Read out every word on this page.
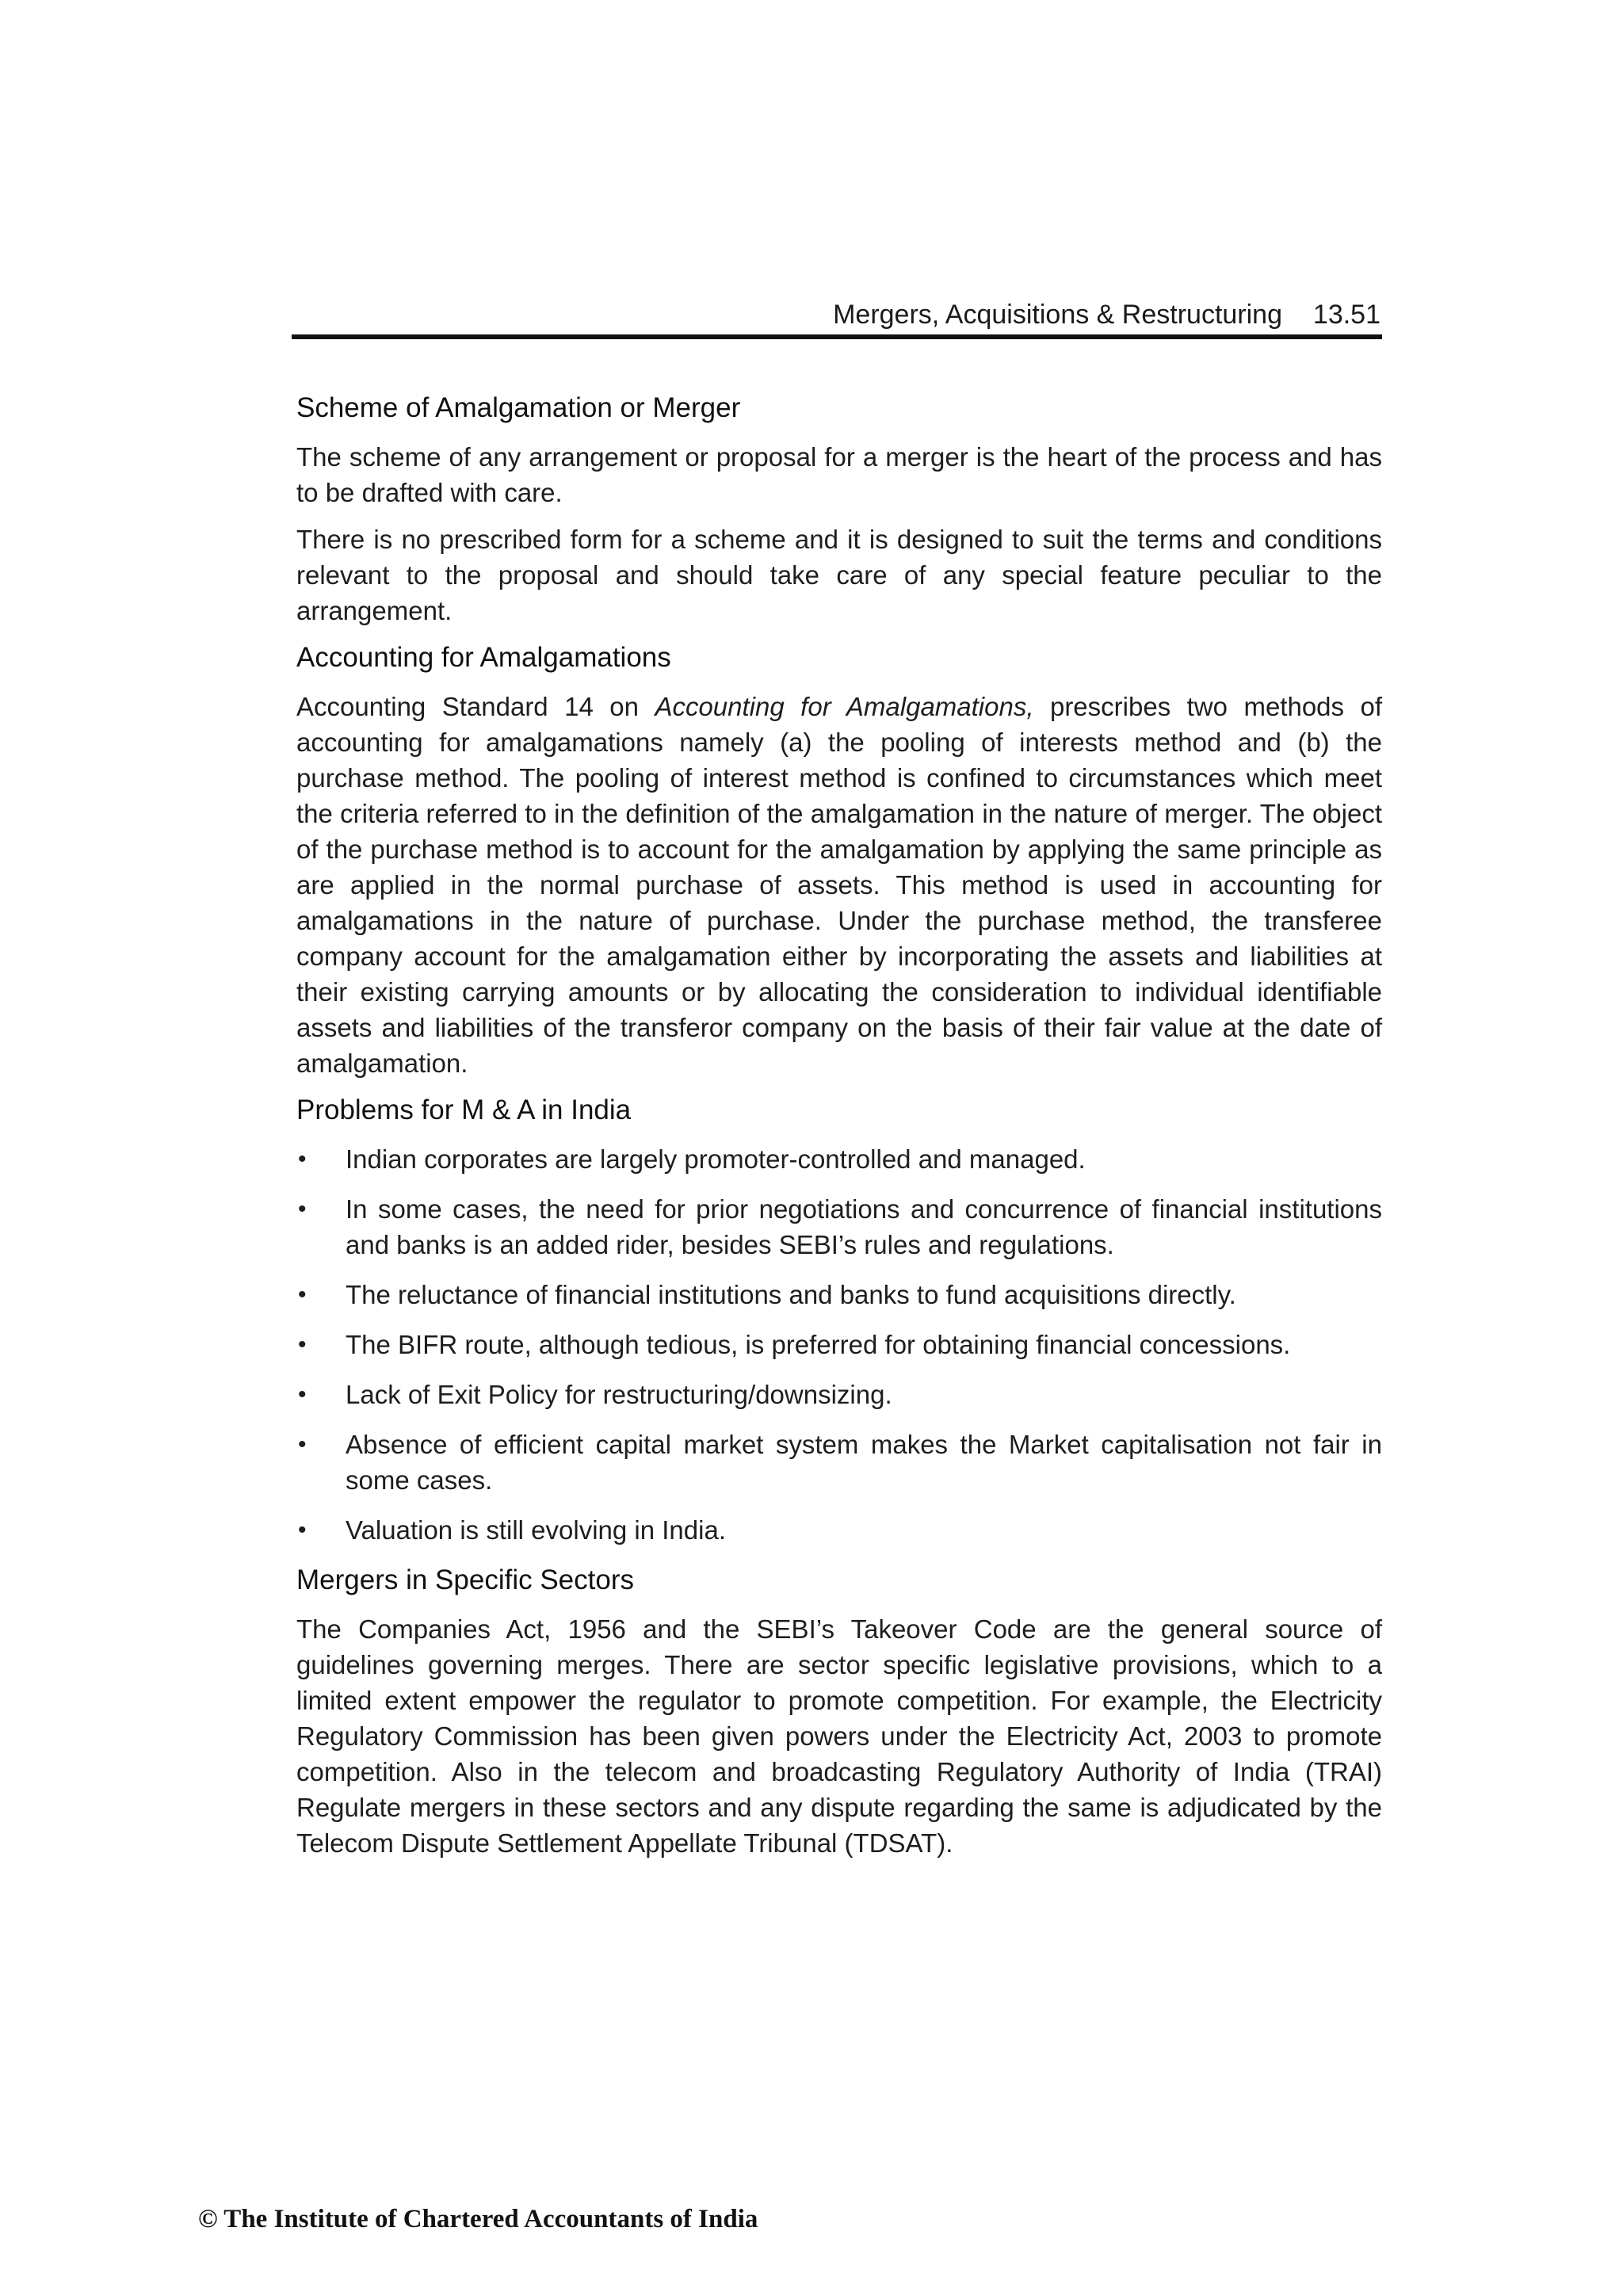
Mergers, Acquisitions & Restructuring 13.51
Scheme of Amalgamation or Merger

The scheme of any arrangement or proposal for a merger is the heart of the process and has to be drafted with care.

There is no prescribed form for a scheme and it is designed to suit the terms and conditions relevant to the proposal and should take care of any special feature peculiar to the arrangement.

Accounting for Amalgamations

Accounting Standard 14 on Accounting for Amalgamations, prescribes two methods of accounting for amalgamations namely (a) the pooling of interests method and (b) the purchase method. The pooling of interest method is confined to circumstances which meet the criteria referred to in the definition of the amalgamation in the nature of merger. The object of the purchase method is to account for the amalgamation by applying the same principle as are applied in the normal purchase of assets. This method is used in accounting for amalgamations in the nature of purchase. Under the purchase method, the transferee company account for the amalgamation either by incorporating the assets and liabilities at their existing carrying amounts or by allocating the consideration to individual identifiable assets and liabilities of the transferor company on the basis of their fair value at the date of amalgamation.

Problems for M & A in India
• Indian corporates are largely promoter-controlled and managed.
• In some cases, the need for prior negotiations and concurrence of financial institutions and banks is an added rider, besides SEBI’s rules and regulations.
• The reluctance of financial institutions and banks to fund acquisitions directly.
• The BIFR route, although tedious, is preferred for obtaining financial concessions.
• Lack of Exit Policy for restructuring/downsizing.
• Absence of efficient capital market system makes the Market capitalisation not fair in some cases.
• Valuation is still evolving in India.
Mergers in Specific Sectors

The Companies Act, 1956 and the SEBI’s Takeover Code are the general source of guidelines governing merges. There are sector specific legislative provisions, which to a limited extent empower the regulator to promote competition. For example, the Electricity Regulatory Commission has been given powers under the Electricity Act, 2003 to promote competition. Also in the telecom and broadcasting Regulatory Authority of India (TRAI) Regulate mergers in these sectors and any dispute regarding the same is adjudicated by the Telecom Dispute Settlement Appellate Tribunal (TDSAT).

© The Institute of Chartered Accountants of India
